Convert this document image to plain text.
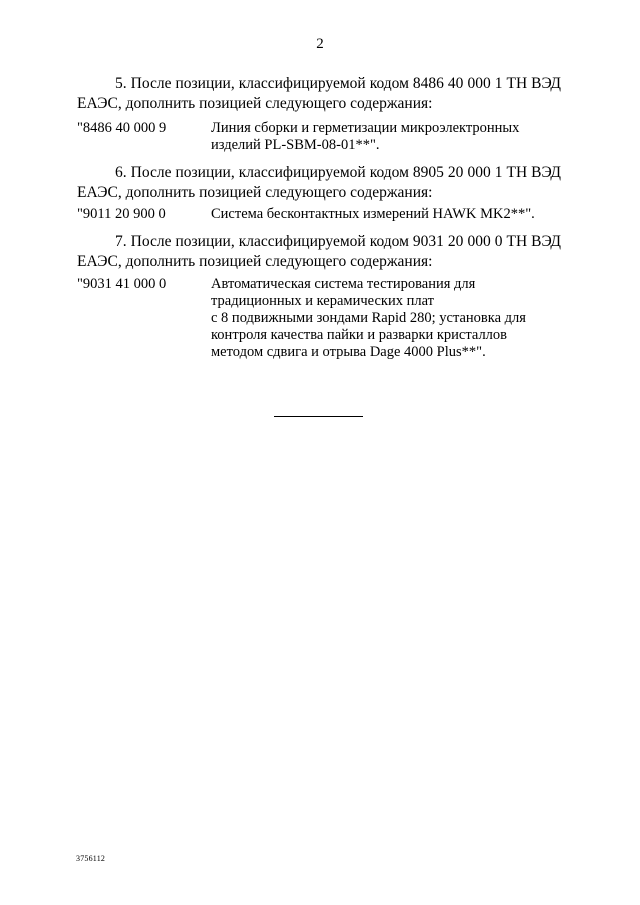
2
5. После позиции, классифицируемой кодом 8486 40 000 1 ТН ВЭД
ЕАЭС, дополнить позицией следующего содержания:
"8486 40 000 9	Линия сборки и герметизации микроэлектронных
изделий PL-SBM-08-01**".
6. После позиции, классифицируемой кодом 8905 20 000 1 ТН ВЭД
ЕАЭС, дополнить позицией следующего содержания:
"9011 20 900 0	Система бесконтактных измерений HAWK MK2**".
7. После позиции, классифицируемой кодом 9031 20 000 0 ТН ВЭД
ЕАЭС, дополнить позицией следующего содержания:
"9031 41 000 0	Автоматическая система тестирования для
традиционных и керамических плат
с 8 подвижными зондами Rapid 280; установка для
контроля качества пайки и разварки кристаллов
методом сдвига и отрыва Dage 4000 Plus**".
3756112
